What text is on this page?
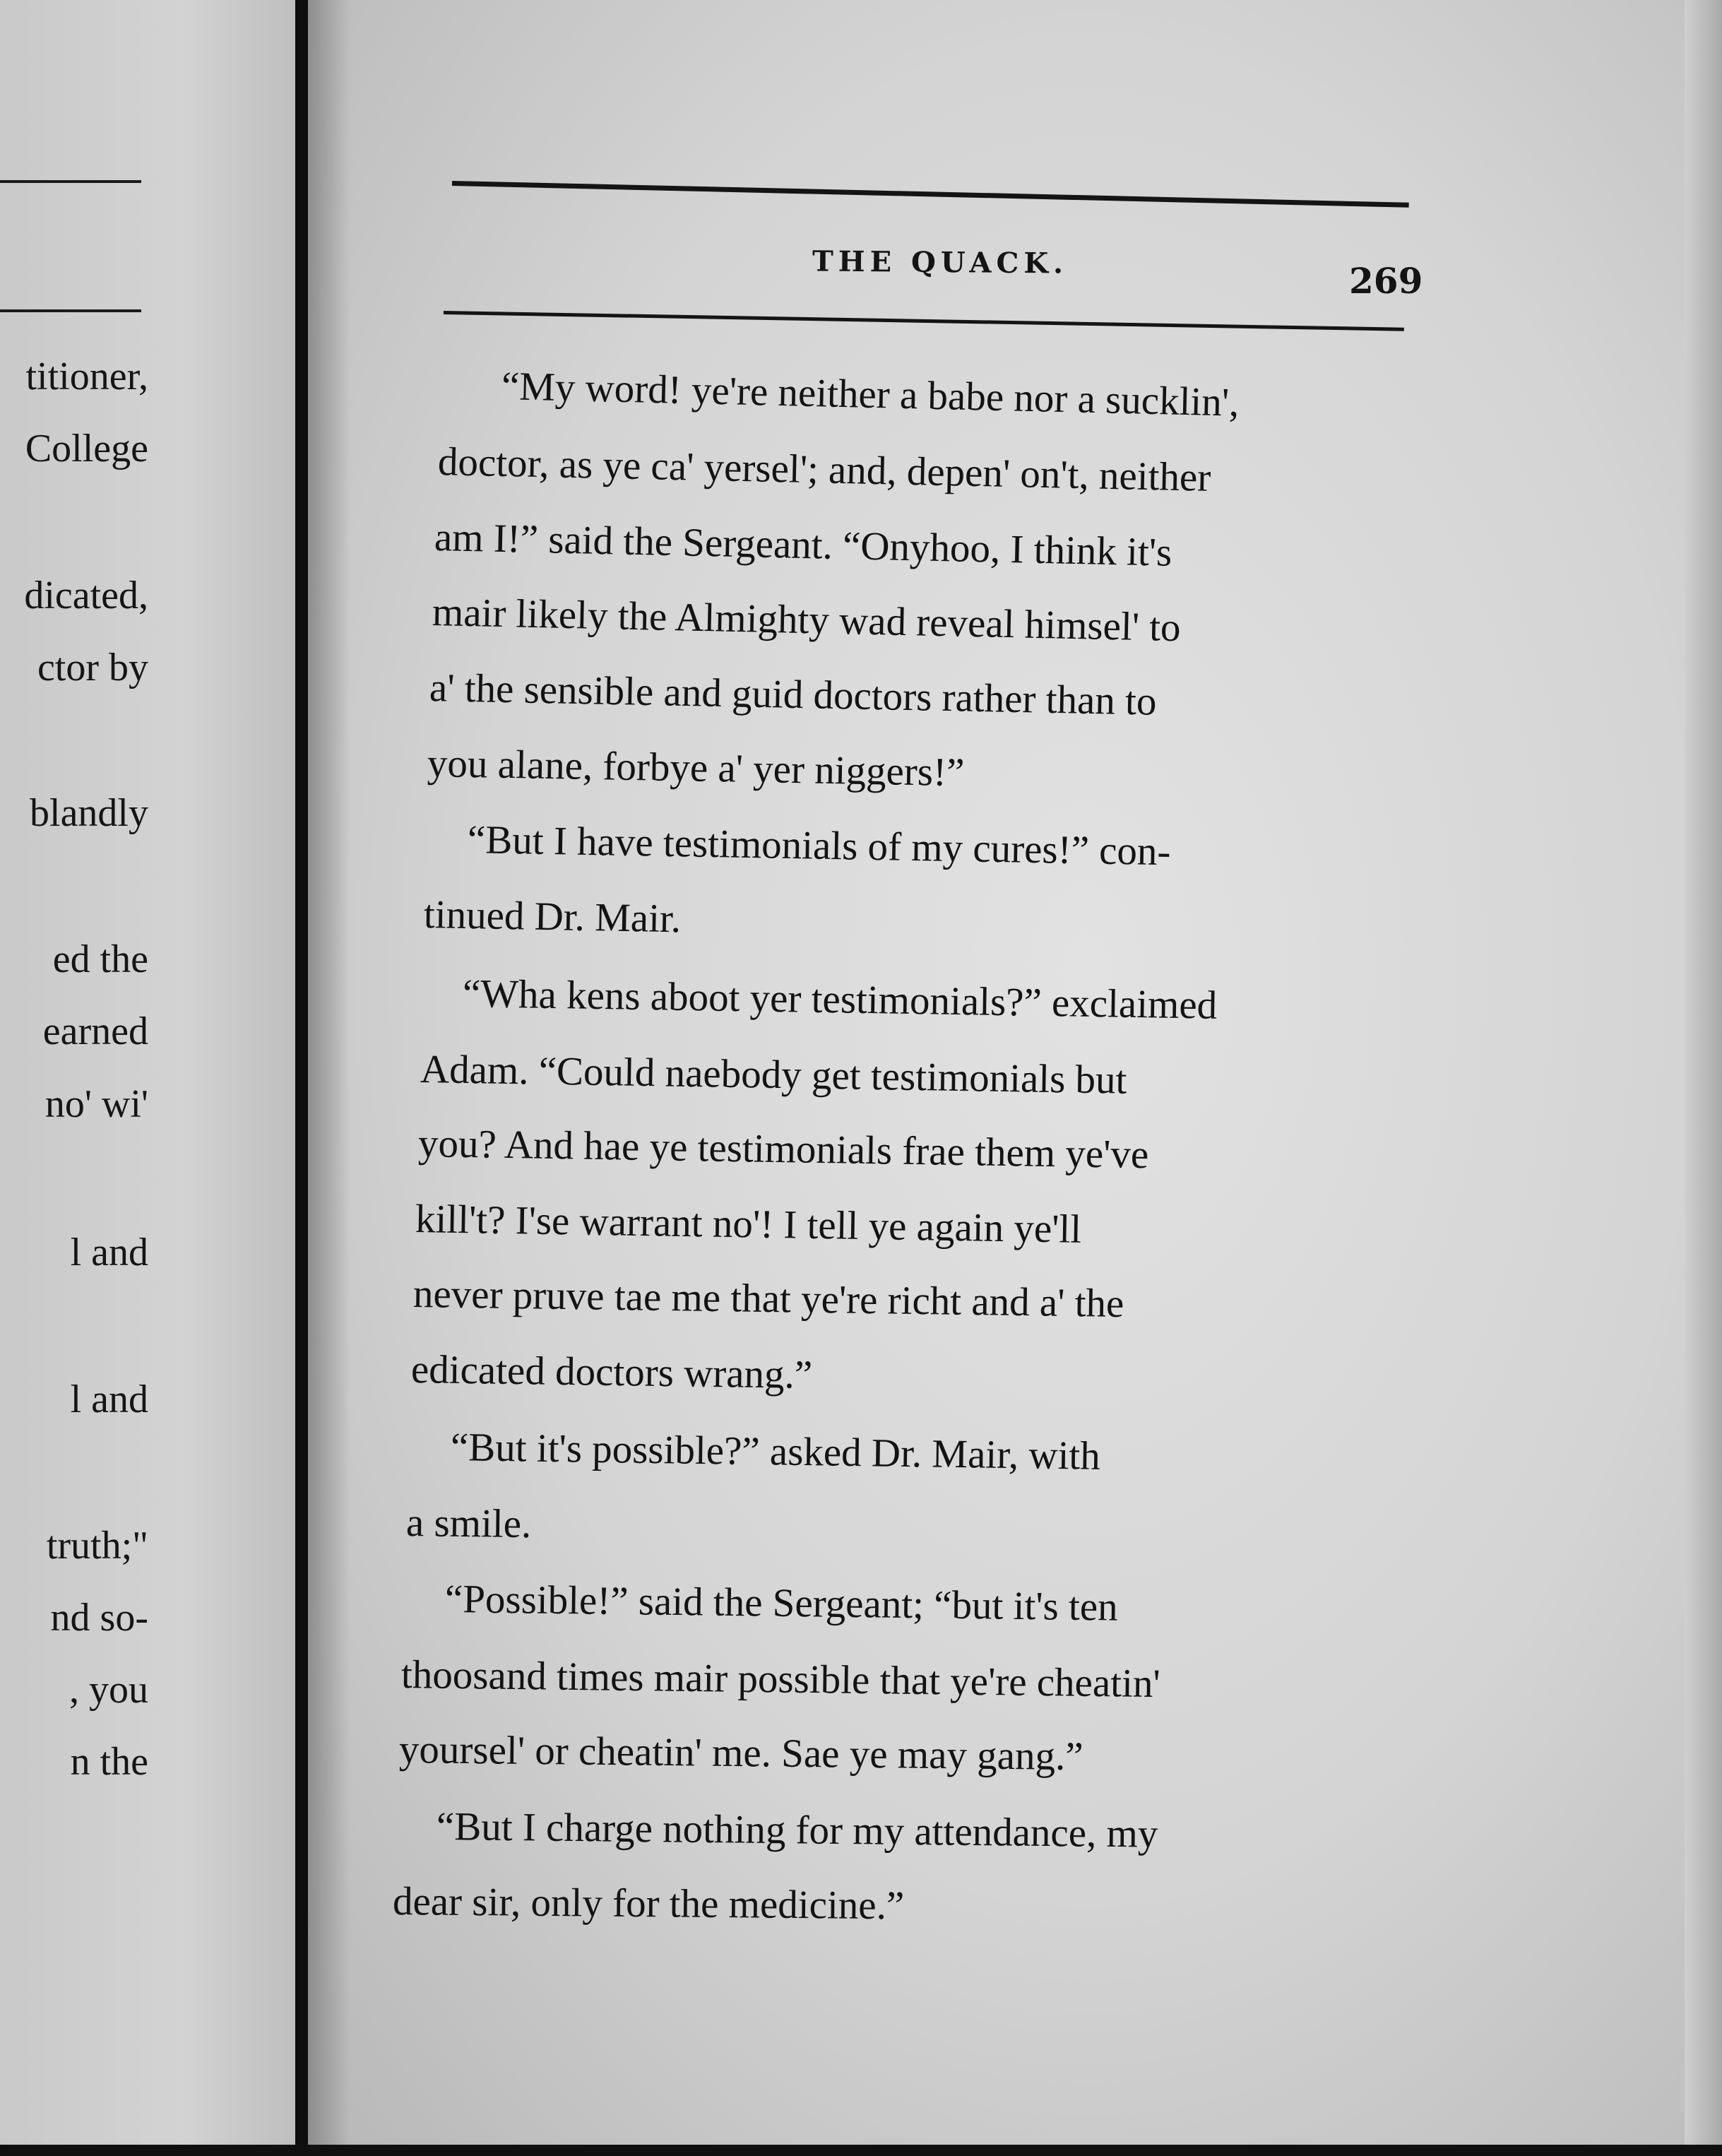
titioner,
College
dicated,
ctor by
blandly
ed the
earned
no' wi'
l and
l and
truth;"
nd so-
, you
n the
THE QUACK.	269
“My word! ye're neither a babe nor a sucklin',
doctor, as ye ca' yersel'; and, depen' on't, neither
am I!” said the Sergeant. “Onyhoo, I think it's
mair likely the Almighty wad reveal himsel' to
a' the sensible and guid doctors rather than to
you alane, forbye a' yer niggers!”
“But I have testimonials of my cures!” con-
tinued Dr. Mair.
“Wha kens aboot yer testimonials?” exclaimed
Adam. “Could naebody get testimonials but
you? And hae ye testimonials frae them ye've
kill't? I'se warrant no'! I tell ye again ye'll
never pruve tae me that ye're richt and a' the
edicated doctors wrang.”
“But it's possible?” asked Dr. Mair, with
a smile.
“Possible!” said the Sergeant; “but it's ten
thoosand times mair possible that ye're cheatin'
yoursel' or cheatin' me. Sae ye may gang.”
“But I charge nothing for my attendance, my
dear sir, only for the medicine.”
